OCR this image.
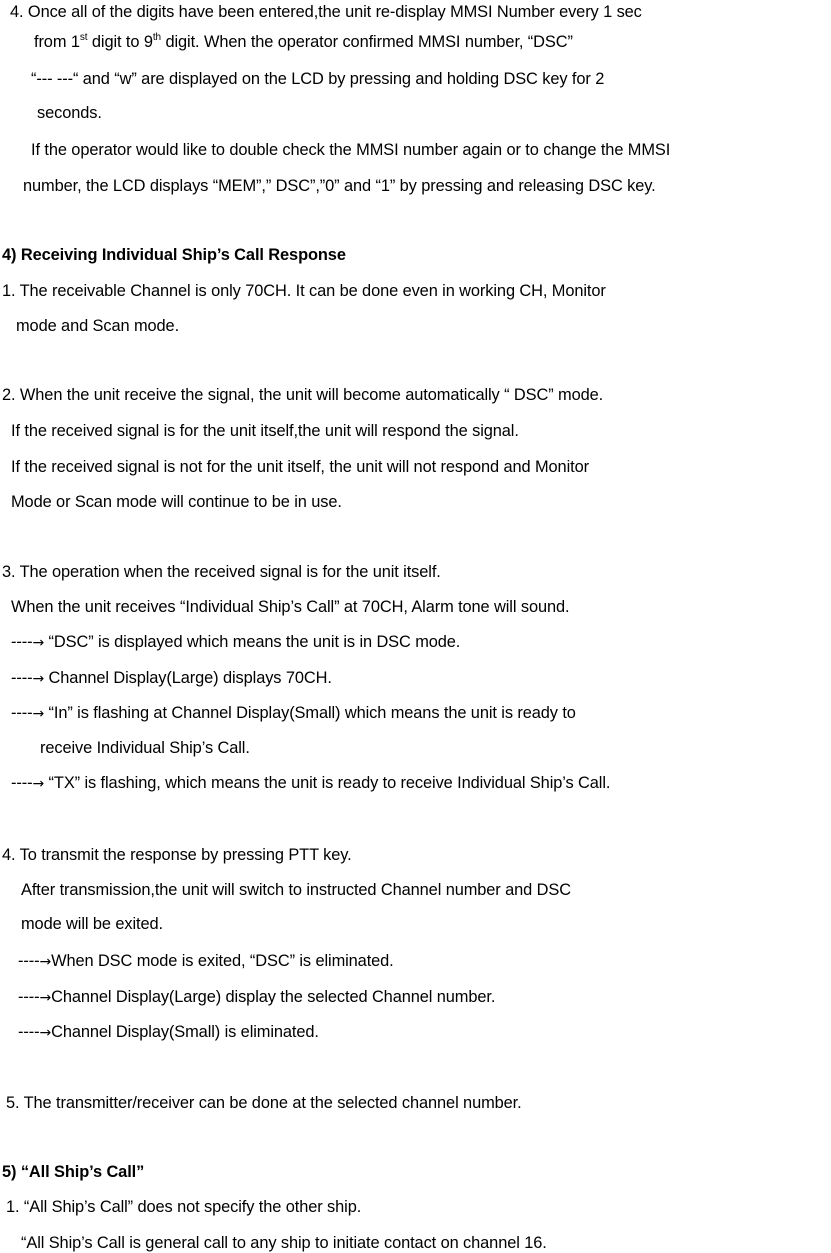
4. Once all of the digits have been entered,the unit re-display MMSI Number every 1 sec
from 1st digit to 9th digit. When the operator confirmed MMSI number, “DSC”
“--- ---“ and “w” are displayed on the LCD by pressing and holding DSC key for 2
seconds.
If the operator would like to double check the MMSI number again or to change the MMSI
number, the LCD displays “MEM”,” DSC”,”0” and “1” by pressing and releasing DSC key.
4) Receiving Individual Ship’s Call Response
1. The receivable Channel is only 70CH. It can be done even in working CH, Monitor
mode and Scan mode.
2. When the unit receive the signal, the unit will become automatically “ DSC” mode.
If the received signal is for the unit itself,the unit will respond the signal.
If the received signal is not for the unit itself, the unit will not respond and Monitor
Mode or Scan mode will continue to be in use.
3. The operation when the received signal is for the unit itself.
When the unit receives “Individual Ship’s Call” at 70CH, Alarm tone will sound.
----→ “DSC” is displayed which means the unit is in DSC mode.
----→ Channel Display(Large) displays 70CH.
----→ “In” is flashing at Channel Display(Small) which means the unit is ready to
receive Individual Ship’s Call.
----→ “TX” is flashing, which means the unit is ready to receive Individual Ship’s Call.
4. To transmit the response by pressing PTT key.
After transmission,the unit will switch to instructed Channel number and DSC
mode will be exited.
----→When DSC mode is exited, “DSC” is eliminated.
----→Channel Display(Large) display the selected Channel number.
----→Channel Display(Small) is eliminated.
5. The transmitter/receiver can be done at the selected channel number.
5) “All Ship’s Call”
1. “All Ship’s Call” does not specify the other ship.
“All Ship’s Call is general call to any ship to initiate contact on channel 16.
